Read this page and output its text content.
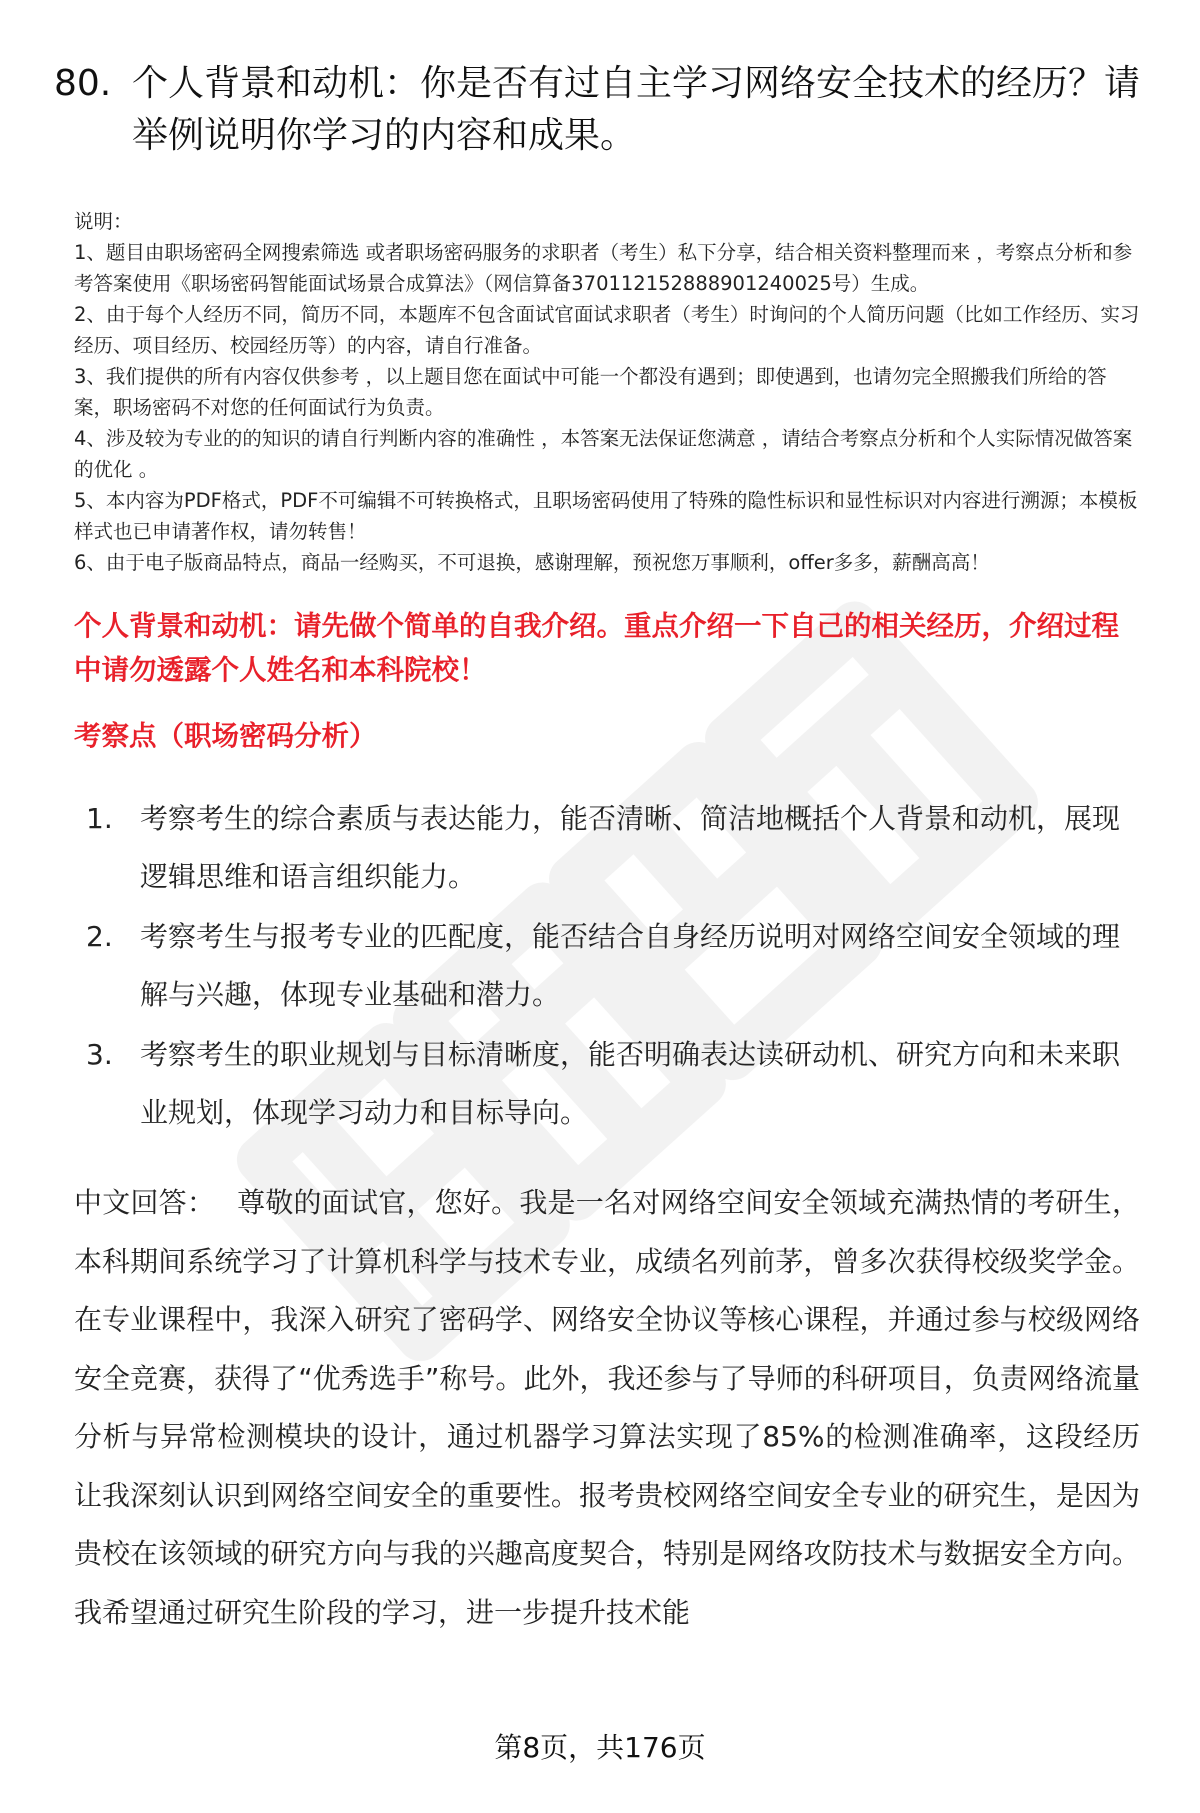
80. 个人背景和动机：你是否有过自主学习网络安全技术的经历？请举例说明你学习的内容和成果。

说明：

1、题目由职场密码全网搜索筛选 或者职场密码服务的求职者（考生）私下分享，结合相关资料整理而来 ，考察点分析和参考答案使用《职场密码智能面试场景合成算法》（网信算备370112152888901240025号）生成。

2、由于每个人经历不同，简历不同，本题库不包含面试官面试求职者（考生）时询问的个人简历问题（比如工作经历、实习经历、项目经历、校园经历等）的内容，请自行准备。

3、我们提供的所有内容仅供参考 ，以上题目您在面试中可能一个都没有遇到；即使遇到，也请勿完全照搬我们所给的答案，职场密码不对您的任何面试行为负责。

4、涉及较为专业的的知识的请自行判断内容的准确性 ，本答案无法保证您满意 ，请结合考察点分析和个人实际情况做答案的优化 。

5、本内容为PDF格式，PDF不可编辑不可转换格式，且职场密码使用了特殊的隐性标识和显性标识对内容进行溯源；本模板样式也已申请著作权，请勿转售！

6、由于电子版商品特点，商品一经购买，不可退换，感谢理解，预祝您万事顺利，offer多多，薪酬高高！

个人背景和动机：请先做个简单的自我介绍。重点介绍一下自己的相关经历，介绍过程中请勿透露个人姓名和本科院校！
考察点（职场密码分析）
1. 考察考生的综合素质与表达能力，能否清晰、简洁地概括个人背景和动机，展现逻辑思维和语言组织能力。
2. 考察考生与报考专业的匹配度，能否结合自身经历说明对网络空间安全领域的理解与兴趣，体现专业基础和潜力。
3. 考察考生的职业规划与目标清晰度，能否明确表达读研动机、研究方向和未来职业规划，体现学习动力和目标导向。
中文回答： 尊敬的面试官，您好。我是一名对网络空间安全领域充满热情的考研生，本科期间系统学习了计算机科学与技术专业，成绩名列前茅，曾多次获得校级奖学金。在专业课程中，我深入研究了密码学、网络安全协议等核心课程，并通过参与校级网络安全竞赛，获得了“优秀选手”称号。此外，我还参与了导师的科研项目，负责网络流量分析与异常检测模块的设计，通过机器学习算法实现了85%的检测准确率，这段经历让我深刻认识到网络空间安全的重要性。报考贵校网络空间安全专业的研究生，是因为贵校在该领域的研究方向与我的兴趣高度契合，特别是网络攻防技术与数据安全方向。我希望通过研究生阶段的学习，进一步提升技术能
第8页，共176页
